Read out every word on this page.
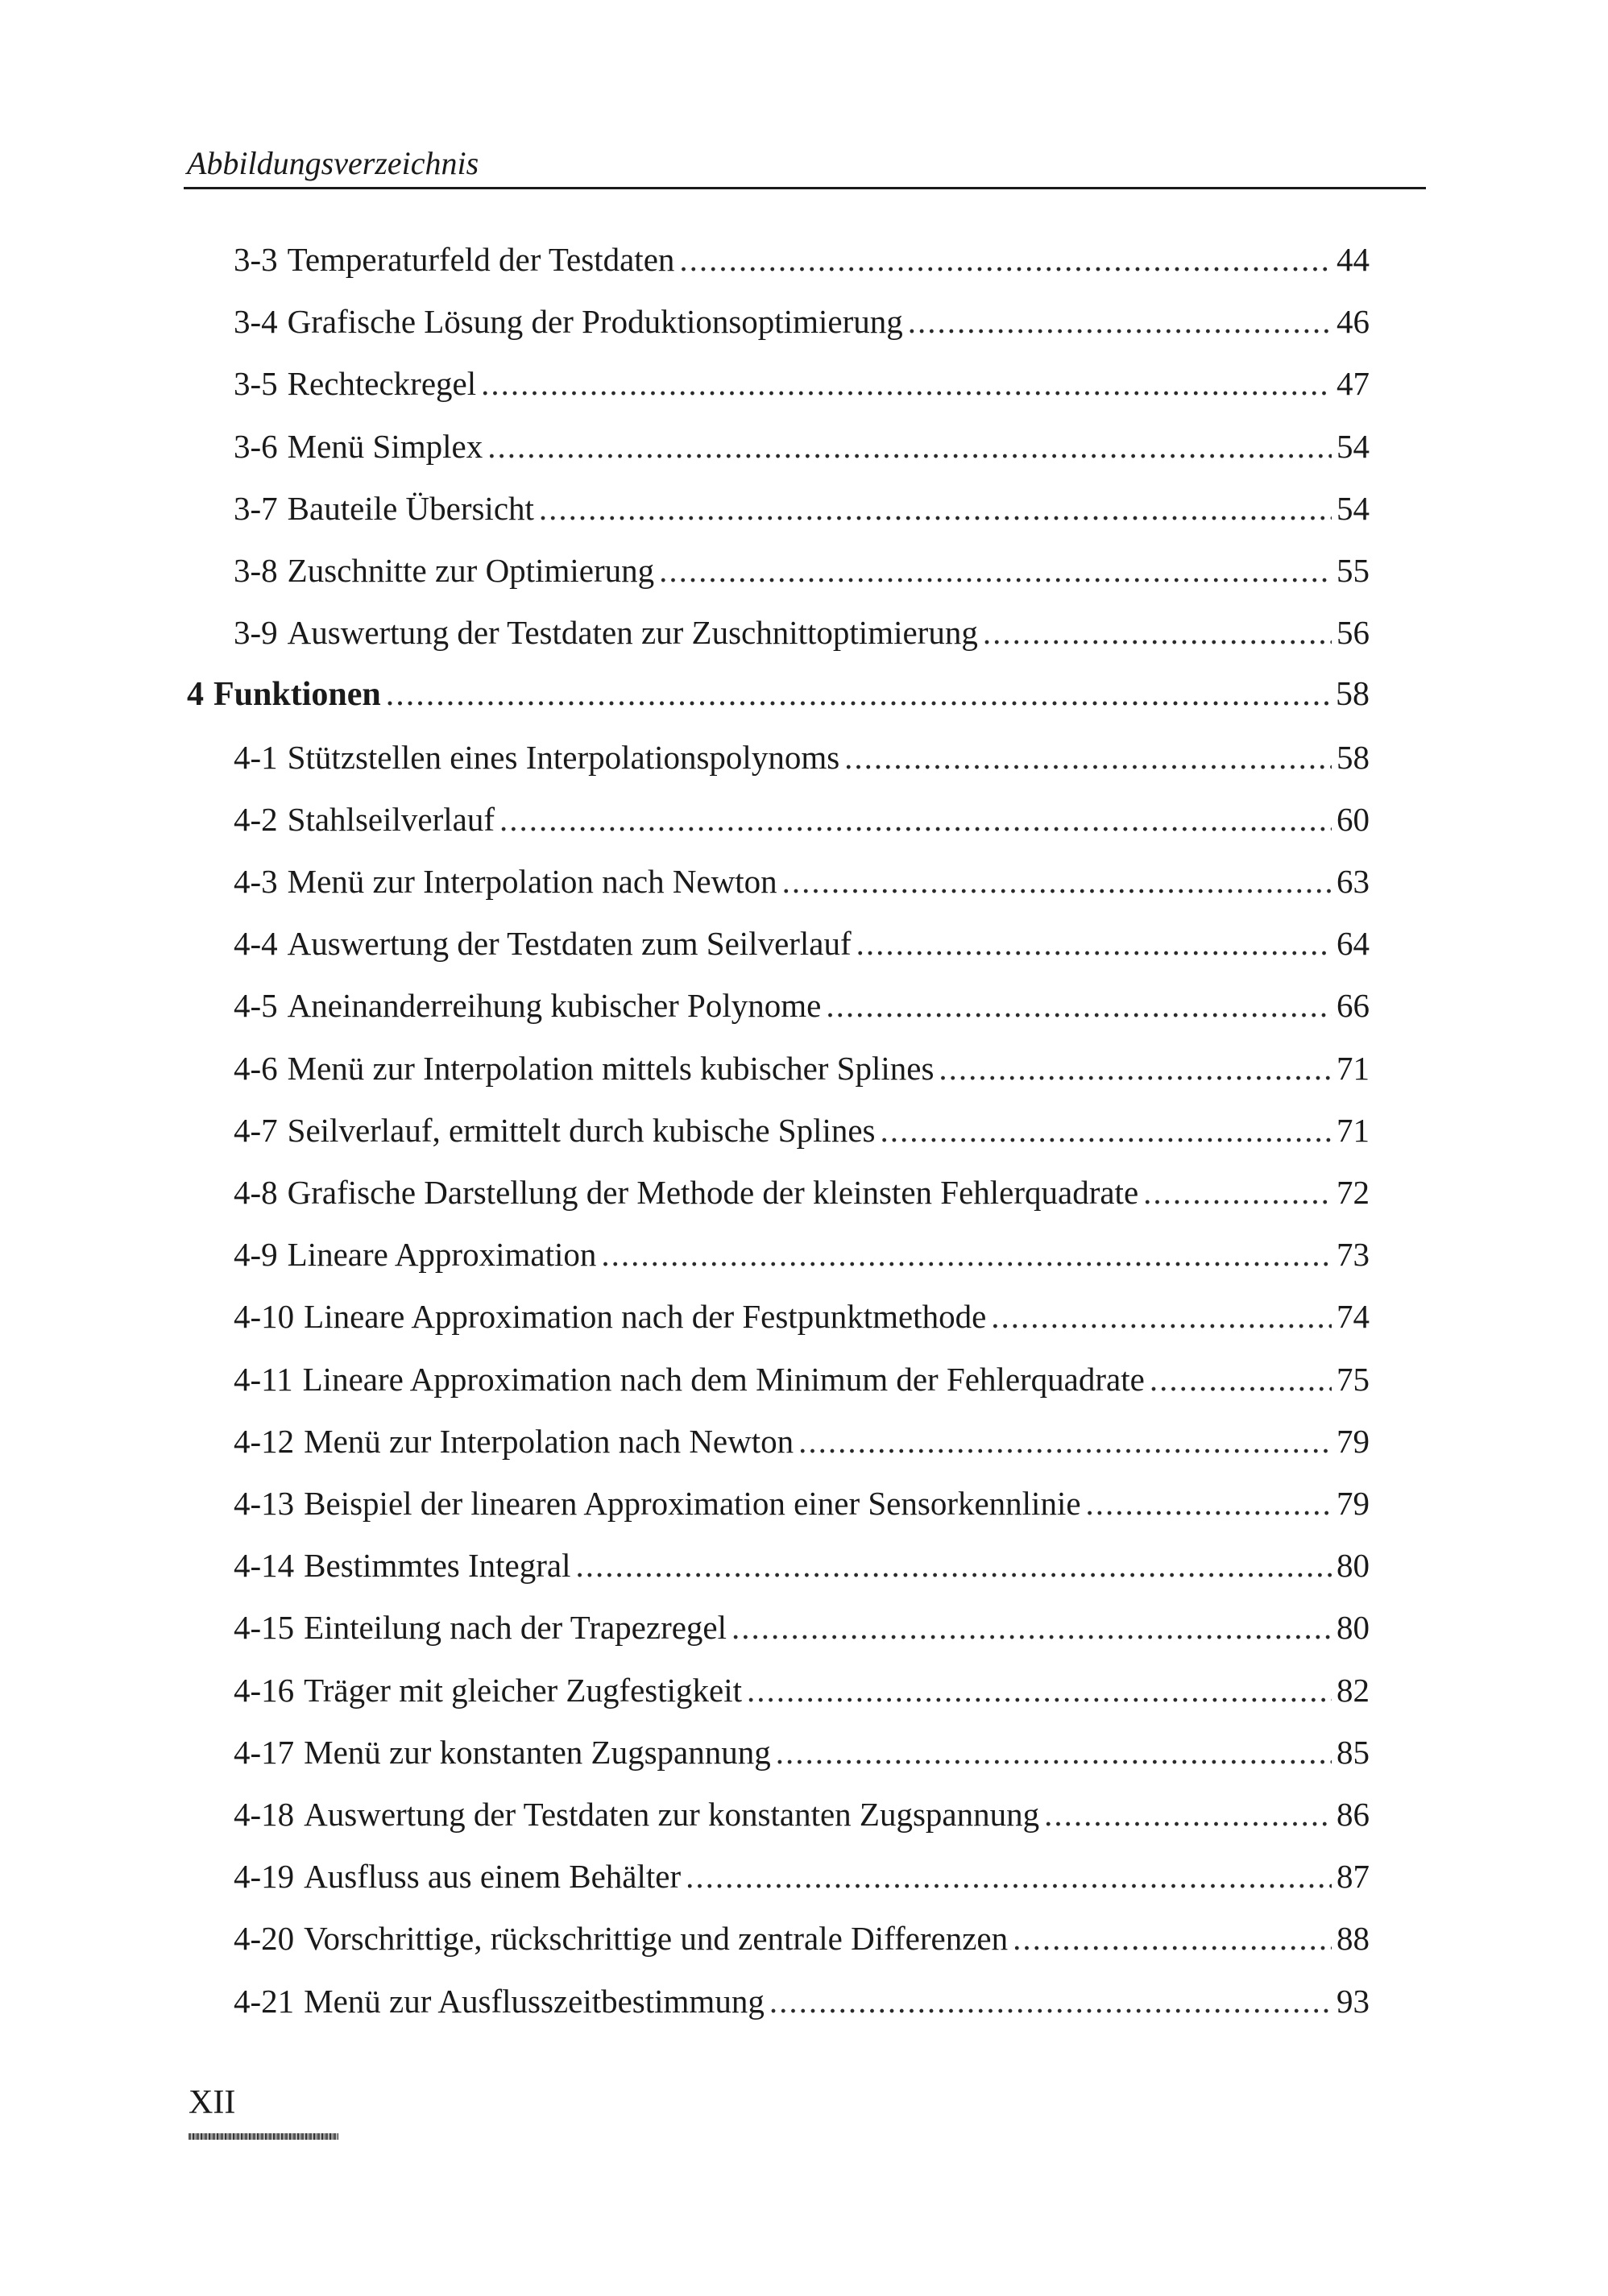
Abbildungsverzeichnis
3-3 Temperaturfeld der Testdaten .....	44
3-4 Grafische Lösung der Produktionsoptimierung .....	46
3-5 Rechteckregel .....	47
3-6 Menü Simplex .....	54
3-7 Bauteile Übersicht .....	54
3-8 Zuschnitte zur Optimierung .....	55
3-9 Auswertung der Testdaten zur Zuschnittoptimierung .....	56
4 Funktionen .....	58
4-1 Stützstellen eines Interpolationspolynoms .....	58
4-2 Stahlseilverlauf .....	60
4-3 Menü zur Interpolation nach Newton .....	63
4-4 Auswertung der Testdaten zum Seilverlauf .....	64
4-5 Aneinanderreihung kubischer Polynome .....	66
4-6 Menü zur Interpolation mittels kubischer Splines .....	71
4-7 Seilverlauf, ermittelt durch kubische Splines .....	71
4-8 Grafische Darstellung der Methode der kleinsten Fehlerquadrate .....	72
4-9 Lineare Approximation .....	73
4-10 Lineare Approximation nach der Festpunktmethode .....	74
4-11 Lineare Approximation nach dem Minimum der Fehlerquadrate .....	75
4-12 Menü zur Interpolation nach Newton .....	79
4-13 Beispiel der linearen Approximation einer Sensorkennlinie .....	79
4-14 Bestimmtes Integral .....	80
4-15 Einteilung nach der Trapezregel .....	80
4-16 Träger mit gleicher Zugfestigkeit .....	82
4-17 Menü zur konstanten Zugspannung .....	85
4-18 Auswertung der Testdaten zur konstanten Zugspannung .....	86
4-19 Ausfluss aus einem Behälter .....	87
4-20 Vorschrittige, rückschrittige und zentrale Differenzen .....	88
4-21 Menü zur Ausflusszeitbestimmung .....	93
XII
